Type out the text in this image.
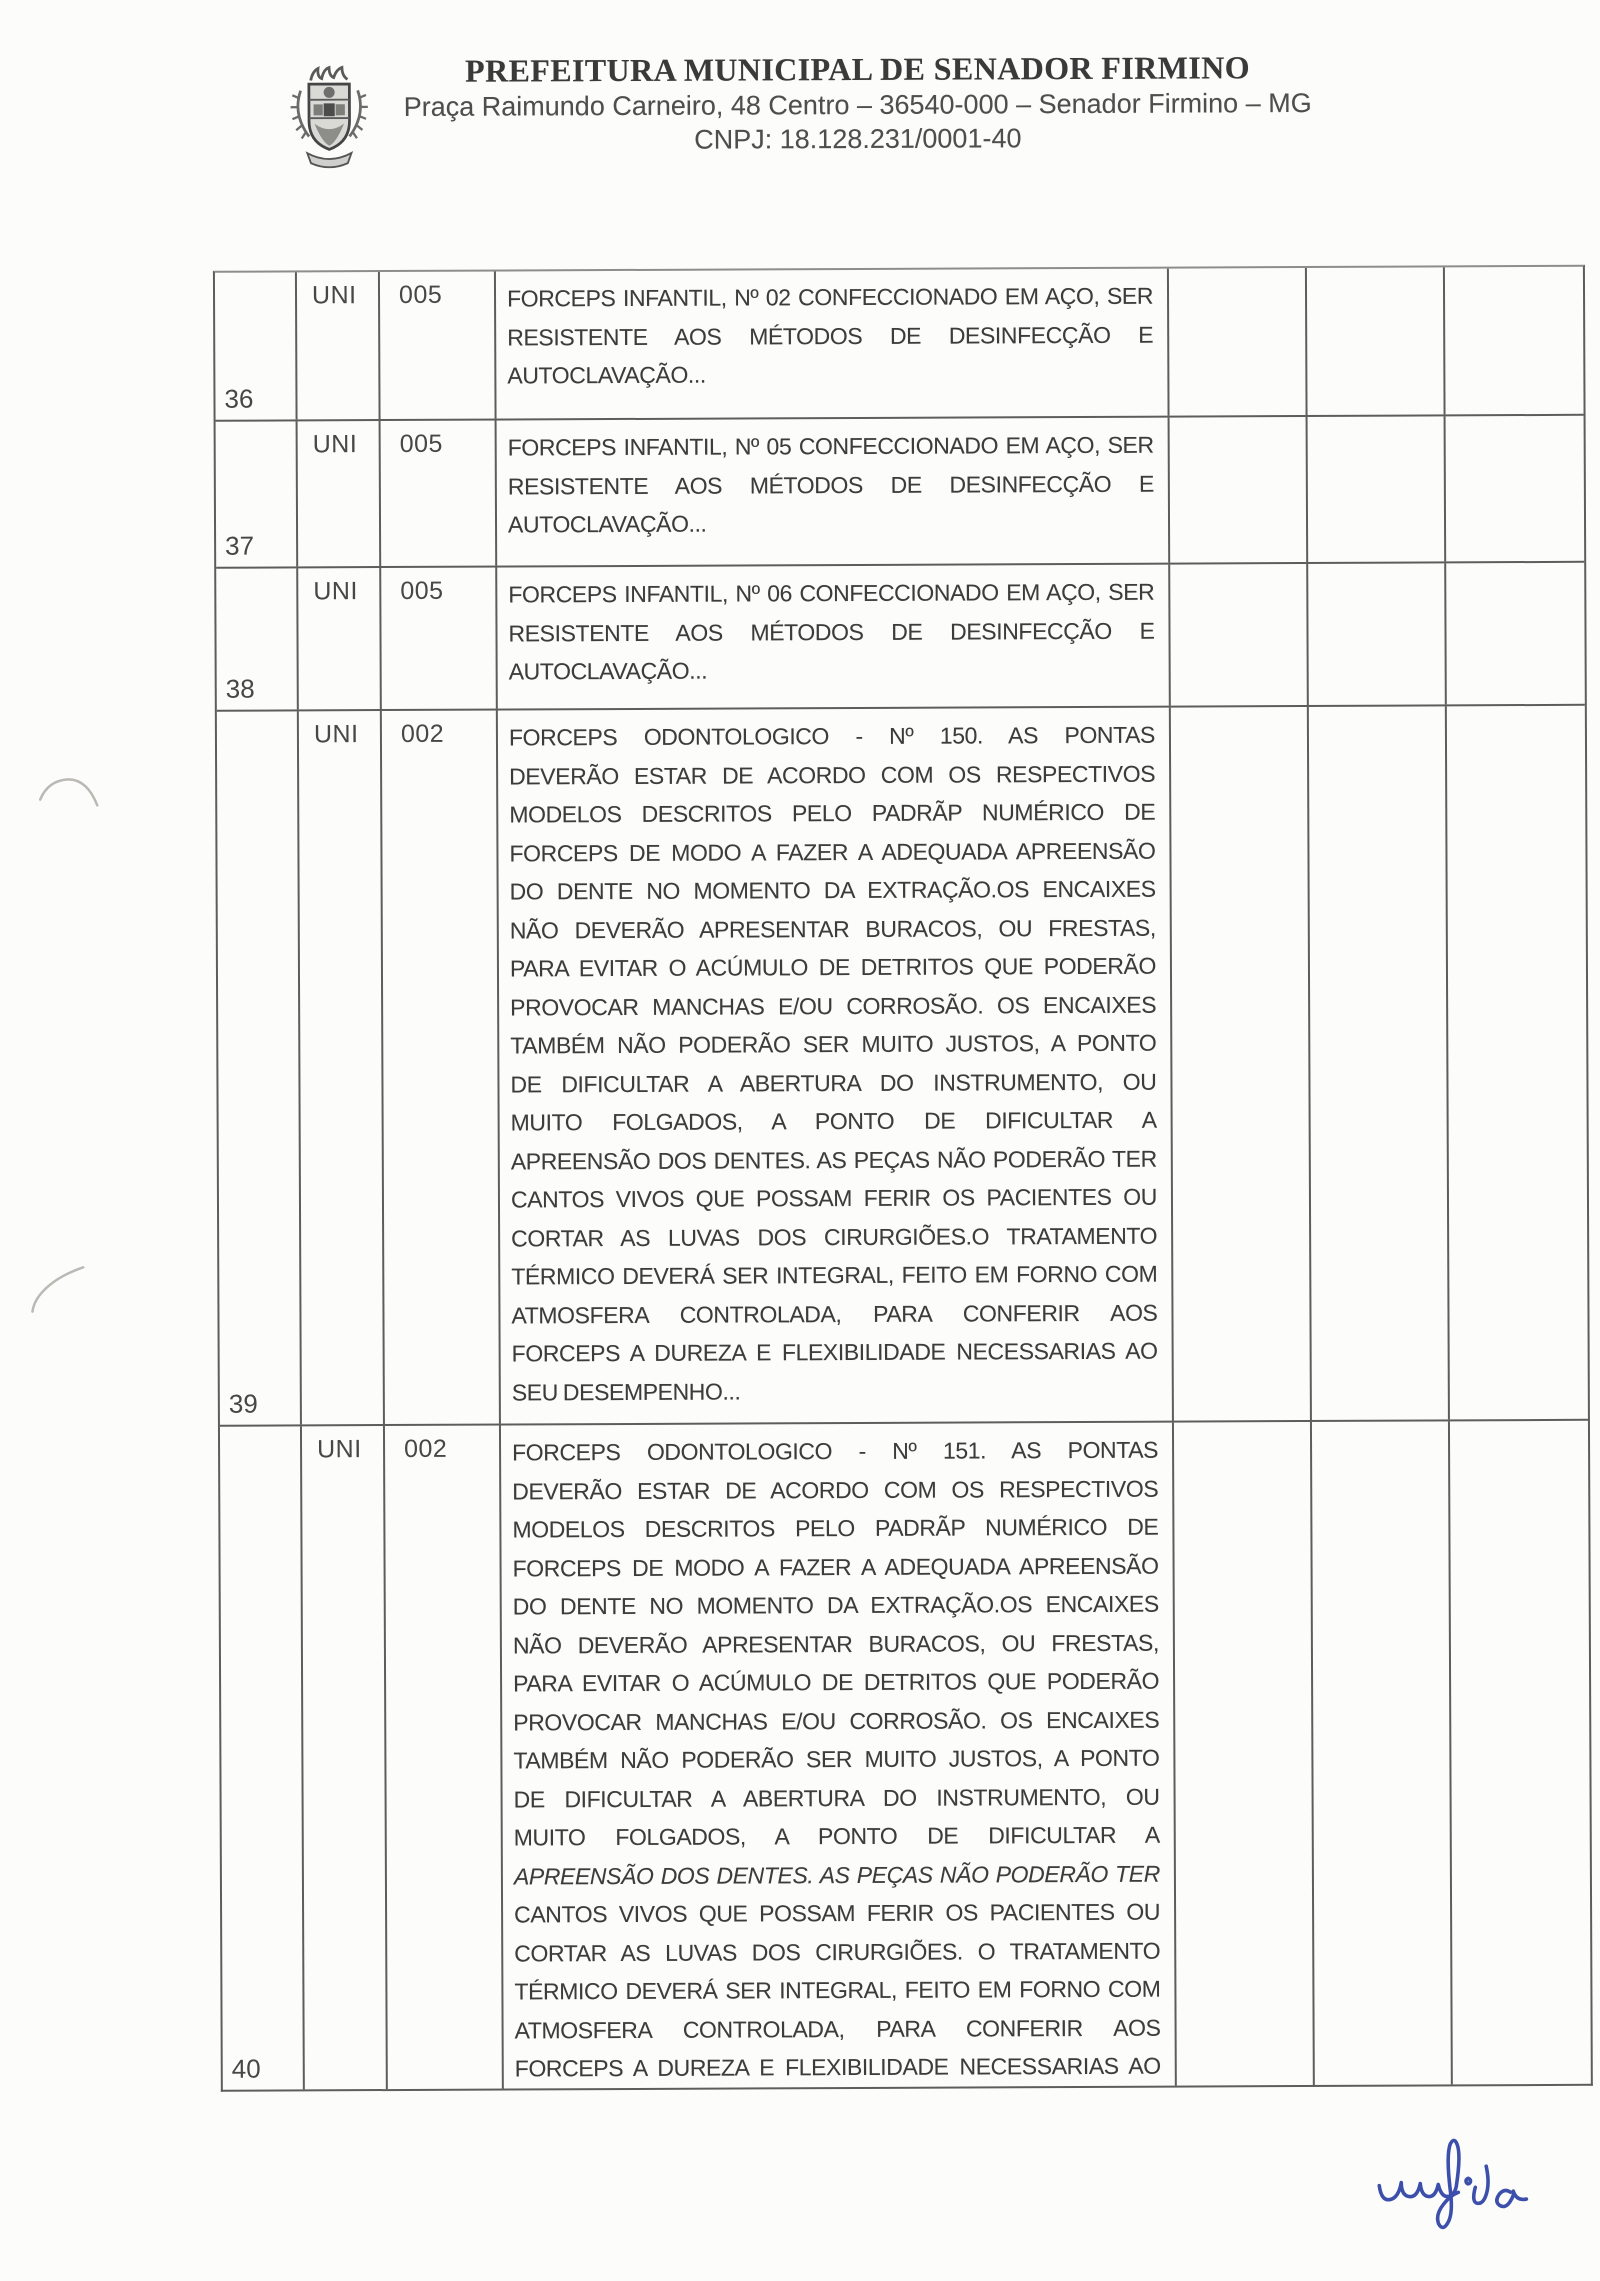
PREFEITURA MUNICIPAL DE SENADOR FIRMINO
Praça Raimundo Carneiro, 48 Centro – 36540-000 – Senador Firmino – MG
CNPJ: 18.128.231/0001-40
36
UNI	005	FORCEPS INFANTIL, Nº 02 CONFECCIONADO EM AÇO, SER
RESISTENTE AOS MÉTODOS DE DESINFECÇÃO E
AUTOCLAVAÇÃO...
37
UNI	005	FORCEPS INFANTIL, Nº 05 CONFECCIONADO EM AÇO, SER
RESISTENTE AOS MÉTODOS DE DESINFECÇÃO E
AUTOCLAVAÇÃO...
38
UNI	005	FORCEPS INFANTIL, Nº 06 CONFECCIONADO EM AÇO, SER
RESISTENTE AOS MÉTODOS DE DESINFECÇÃO E
AUTOCLAVAÇÃO...
39
UNI	002	FORCEPS ODONTOLOGICO - Nº 150. AS PONTAS
DEVERÃO ESTAR DE ACORDO COM OS RESPECTIVOS
MODELOS DESCRITOS PELO PADRÃP NUMÉRICO DE
FORCEPS DE MODO A FAZER A ADEQUADA APREENSÃO
DO DENTE NO MOMENTO DA EXTRAÇÃO.OS ENCAIXES
NÃO DEVERÃO APRESENTAR BURACOS, OU FRESTAS,
PARA EVITAR O ACÚMULO DE DETRITOS QUE PODERÃO
PROVOCAR MANCHAS E/OU CORROSÃO. OS ENCAIXES
TAMBÉM NÃO PODERÃO SER MUITO JUSTOS, A PONTO
DE DIFICULTAR A ABERTURA DO INSTRUMENTO, OU
MUITO FOLGADOS, A PONTO DE DIFICULTAR A
APREENSÃO DOS DENTES. AS PEÇAS NÃO PODERÃO TER
CANTOS VIVOS QUE POSSAM FERIR OS PACIENTES OU
CORTAR AS LUVAS DOS CIRURGIÕES.O TRATAMENTO
TÉRMICO DEVERÁ SER INTEGRAL, FEITO EM FORNO COM
ATMOSFERA CONTROLADA, PARA CONFERIR AOS
FORCEPS A DUREZA E FLEXIBILIDADE NECESSARIAS AO
SEU DESEMPENHO...
40
UNI	002	FORCEPS ODONTOLOGICO - Nº 151. AS PONTAS
DEVERÃO ESTAR DE ACORDO COM OS RESPECTIVOS
MODELOS DESCRITOS PELO PADRÃP NUMÉRICO DE
FORCEPS DE MODO A FAZER A ADEQUADA APREENSÃO
DO DENTE NO MOMENTO DA EXTRAÇÃO.OS ENCAIXES
NÃO DEVERÃO APRESENTAR BURACOS, OU FRESTAS,
PARA EVITAR O ACÚMULO DE DETRITOS QUE PODERÃO
PROVOCAR MANCHAS E/OU CORROSÃO. OS ENCAIXES
TAMBÉM NÃO PODERÃO SER MUITO JUSTOS, A PONTO
DE DIFICULTAR A ABERTURA DO INSTRUMENTO, OU
MUITO FOLGADOS, A PONTO DE DIFICULTAR A
APREENSÃO DOS DENTES. AS PEÇAS NÃO PODERÃO TER
CANTOS VIVOS QUE POSSAM FERIR OS PACIENTES OU
CORTAR AS LUVAS DOS CIRURGIÕES. O TRATAMENTO
TÉRMICO DEVERÁ SER INTEGRAL, FEITO EM FORNO COM
ATMOSFERA CONTROLADA, PARA CONFERIR AOS
FORCEPS A DUREZA E FLEXIBILIDADE NECESSARIAS AO
